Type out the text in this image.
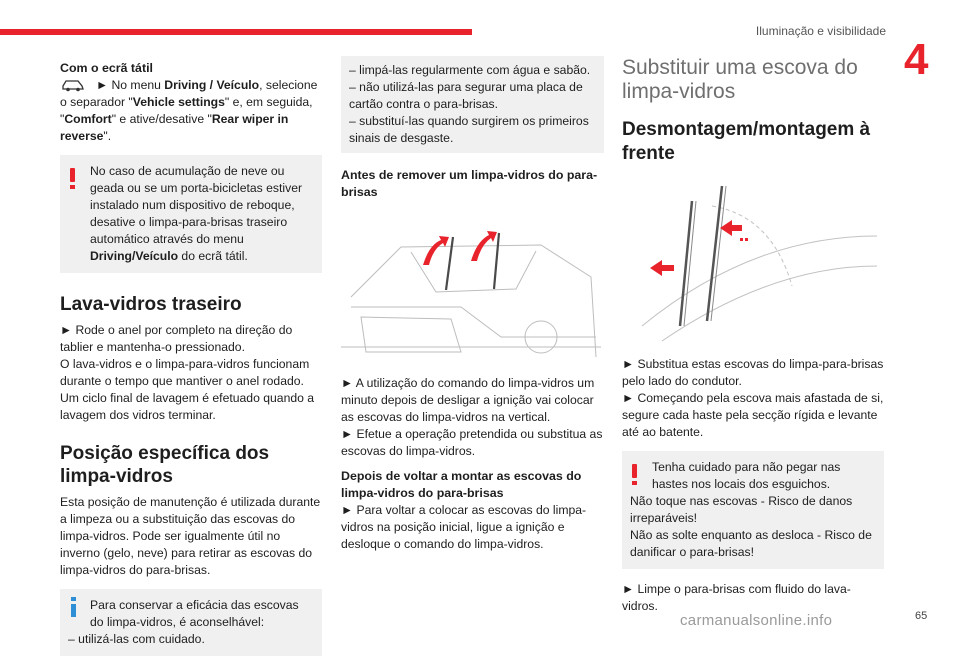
Iluminação e visibilidade
4

Com o ecrã tátil

► No menu Driving / Veículo, selecione o separador "Vehicle settings" e, em seguida, "Comfort" e ative/desative "Rear wiper in reverse".

No caso de acumulação de neve ou geada ou se um porta-bicicletas estiver instalado num dispositivo de reboque, desative o limpa-para-brisas traseiro automático através do menu Driving/Veículo do ecrã tátil.

Lava-vidros traseiro

► Rode o anel por completo na direção do tablier e mantenha-o pressionado.

O lava-vidros e o limpa-para-vidros funcionam durante o tempo que mantiver o anel rodado.

Um ciclo final de lavagem é efetuado quando a lavagem dos vidros terminar.

Posição específica dos limpa-vidros

Esta posição de manutenção é utilizada durante a limpeza ou a substituição das escovas do limpa-vidros. Pode ser igualmente útil no inverno (gelo, neve) para retirar as escovas do limpa-vidros do para-brisas.

Para conservar a eficácia das escovas do limpa-vidros, é aconselhável:

– utilizá-las com cuidado.

– limpá-las regularmente com água e sabão.

– não utilizá-las para segurar uma placa de cartão contra o para-brisas.

– substituí-las quando surgirem os primeiros sinais de desgaste.

Antes de remover um limpa-vidros do para-brisas

► A utilização do comando do limpa-vidros um minuto depois de desligar a ignição vai colocar as escovas do limpa-vidros na vertical.

► Efetue a operação pretendida ou substitua as escovas do limpa-vidros.

Depois de voltar a montar as escovas do limpa-vidros do para-brisas

► Para voltar a colocar as escovas do limpa-vidros na posição inicial, ligue a ignição e desloque o comando do limpa-vidros.

Substituir uma escova do limpa-vidros

Desmontagem/montagem à frente

► Substitua estas escovas do limpa-para-brisas pelo lado do condutor.

► Começando pela escova mais afastada de si, segure cada haste pela secção rígida e levante até ao batente.

Tenha cuidado para não pegar nas hastes nos locais dos esguichos.

Não toque nas escovas - Risco de danos irreparáveis!

Não as solte enquanto as desloca - Risco de danificar o para-brisas!

► Limpe o para-brisas com fluido do lava-vidros.

65
carmanualsonline.info
